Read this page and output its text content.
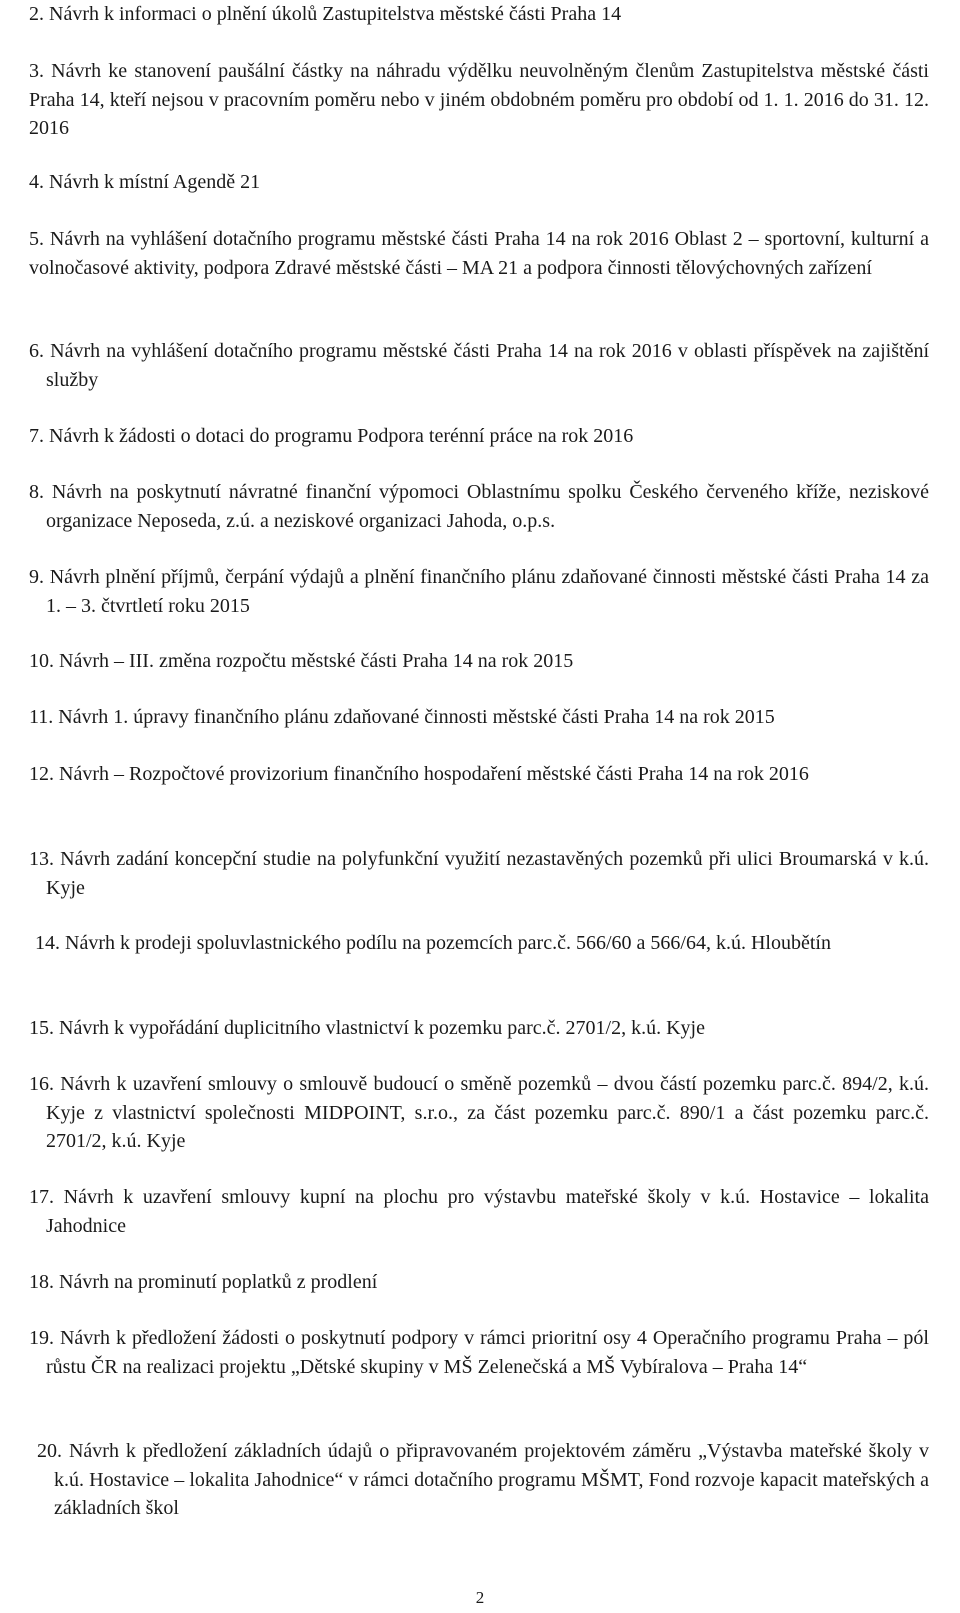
2. Návrh k informaci o plnění úkolů Zastupitelstva městské části Praha 14

3. Návrh ke stanovení paušální částky na náhradu výdělku neuvolněným členům Zastupitelstva městské části Praha 14, kteří nejsou v pracovním poměru nebo v jiném obdobném poměru pro období od 1. 1. 2016 do 31. 12. 2016

4. Návrh k místní Agendě 21

5. Návrh na vyhlášení dotačního programu městské části Praha 14 na rok 2016 Oblast 2 – sportovní, kulturní a volnočasové aktivity, podpora Zdravé městské části – MA 21 a podpora činnosti tělovýchovných zařízení

6. Návrh na vyhlášení dotačního programu městské části Praha 14 na rok 2016 v oblasti příspěvek na zajištění služby

7. Návrh k žádosti o dotaci do programu Podpora terénní práce na rok 2016

8. Návrh na poskytnutí návratné finanční výpomoci Oblastnímu spolku Českého červeného kříže, neziskové organizace Neposeda, z.ú. a neziskové organizaci Jahoda, o.p.s.

9. Návrh plnění příjmů, čerpání výdajů a plnění finančního plánu zdaňované činnosti městské části Praha 14 za 1. – 3. čtvrtletí roku 2015

10. Návrh – III. změna rozpočtu městské části Praha 14 na rok 2015

11. Návrh 1. úpravy finančního plánu zdaňované činnosti městské části Praha 14 na rok 2015

12. Návrh – Rozpočtové provizorium finančního hospodaření městské části Praha 14 na rok 2016

13. Návrh zadání koncepční studie na polyfunkční využití nezastavěných pozemků při ulici Broumarská v k.ú. Kyje

14. Návrh k prodeji spoluvlastnického podílu na pozemcích parc.č. 566/60 a 566/64, k.ú. Hloubětín

15. Návrh k vypořádání duplicitního vlastnictví k pozemku parc.č. 2701/2, k.ú. Kyje

16. Návrh k uzavření smlouvy o smlouvě budoucí o směně pozemků – dvou částí pozemku parc.č. 894/2, k.ú. Kyje z vlastnictví společnosti MIDPOINT, s.r.o., za část pozemku parc.č. 890/1 a část pozemku parc.č. 2701/2, k.ú. Kyje

17. Návrh k uzavření smlouvy kupní na plochu pro výstavbu mateřské školy v k.ú. Hostavice – lokalita Jahodnice

18. Návrh na prominutí poplatků z prodlení

19. Návrh k předložení žádosti o poskytnutí podpory v rámci prioritní osy 4 Operačního programu Praha – pól růstu ČR na realizaci projektu „Dětské skupiny v MŠ Zelenečská a MŠ Vybíralova – Praha 14“

20. Návrh k předložení základních údajů o připravovaném projektovém záměru „Výstavba mateřské školy v k.ú. Hostavice – lokalita Jahodnice“ v rámci dotačního programu MŠMT, Fond rozvoje kapacit mateřských a základních škol

2
